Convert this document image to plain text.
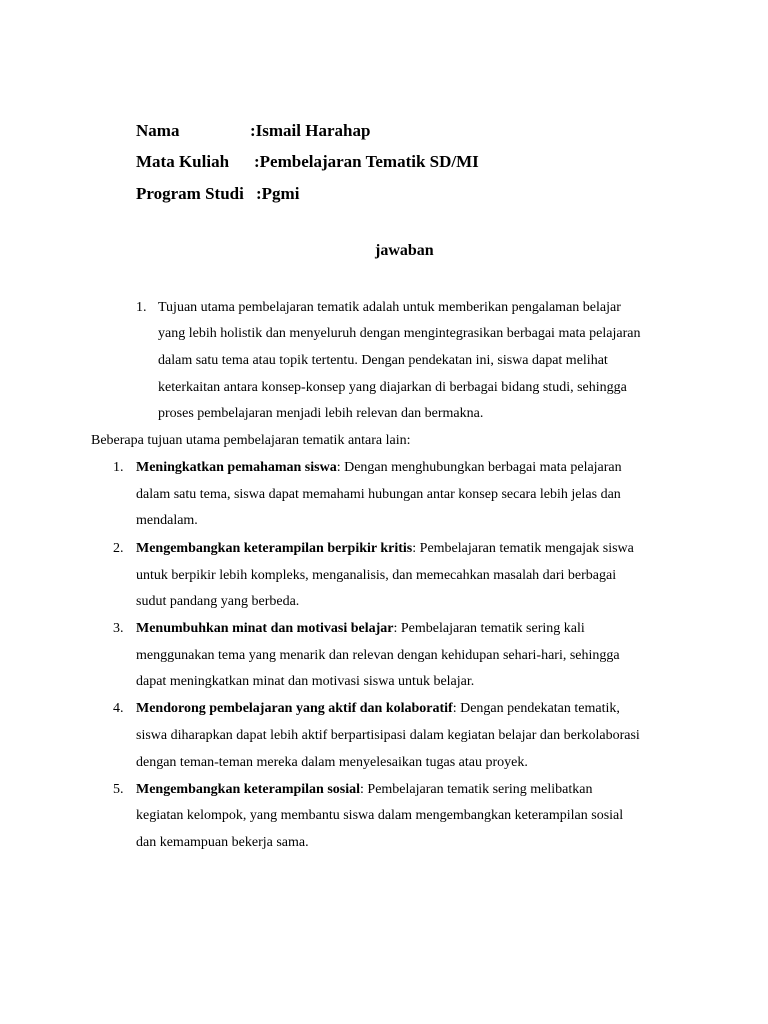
Nama	:Ismail Harahap
Mata Kuliah :Pembelajaran Tematik SD/MI
Program Studi :Pgmi
jawaban
1. Tujuan utama pembelajaran tematik adalah untuk memberikan pengalaman belajar
yang lebih holistik dan menyeluruh dengan mengintegrasikan berbagai mata pelajaran
dalam satu tema atau topik tertentu. Dengan pendekatan ini, siswa dapat melihat
keterkaitan antara konsep-konsep yang diajarkan di berbagai bidang studi, sehingga
proses pembelajaran menjadi lebih relevan dan bermakna.
Beberapa tujuan utama pembelajaran tematik antara lain:
1. Meningkatkan pemahaman siswa: Dengan menghubungkan berbagai mata pelajaran
dalam satu tema, siswa dapat memahami hubungan antar konsep secara lebih jelas dan
mendalam.
2. Mengembangkan keterampilan berpikir kritis: Pembelajaran tematik mengajak siswa
untuk berpikir lebih kompleks, menganalisis, dan memecahkan masalah dari berbagai
sudut pandang yang berbeda.
3. Menumbuhkan minat dan motivasi belajar: Pembelajaran tematik sering kali
menggunakan tema yang menarik dan relevan dengan kehidupan sehari-hari, sehingga
dapat meningkatkan minat dan motivasi siswa untuk belajar.
4. Mendorong pembelajaran yang aktif dan kolaboratif: Dengan pendekatan tematik,
siswa diharapkan dapat lebih aktif berpartisipasi dalam kegiatan belajar dan berkolaborasi
dengan teman-teman mereka dalam menyelesaikan tugas atau proyek.
5. Mengembangkan keterampilan sosial: Pembelajaran tematik sering melibatkan
kegiatan kelompok, yang membantu siswa dalam mengembangkan keterampilan sosial
dan kemampuan bekerja sama.
